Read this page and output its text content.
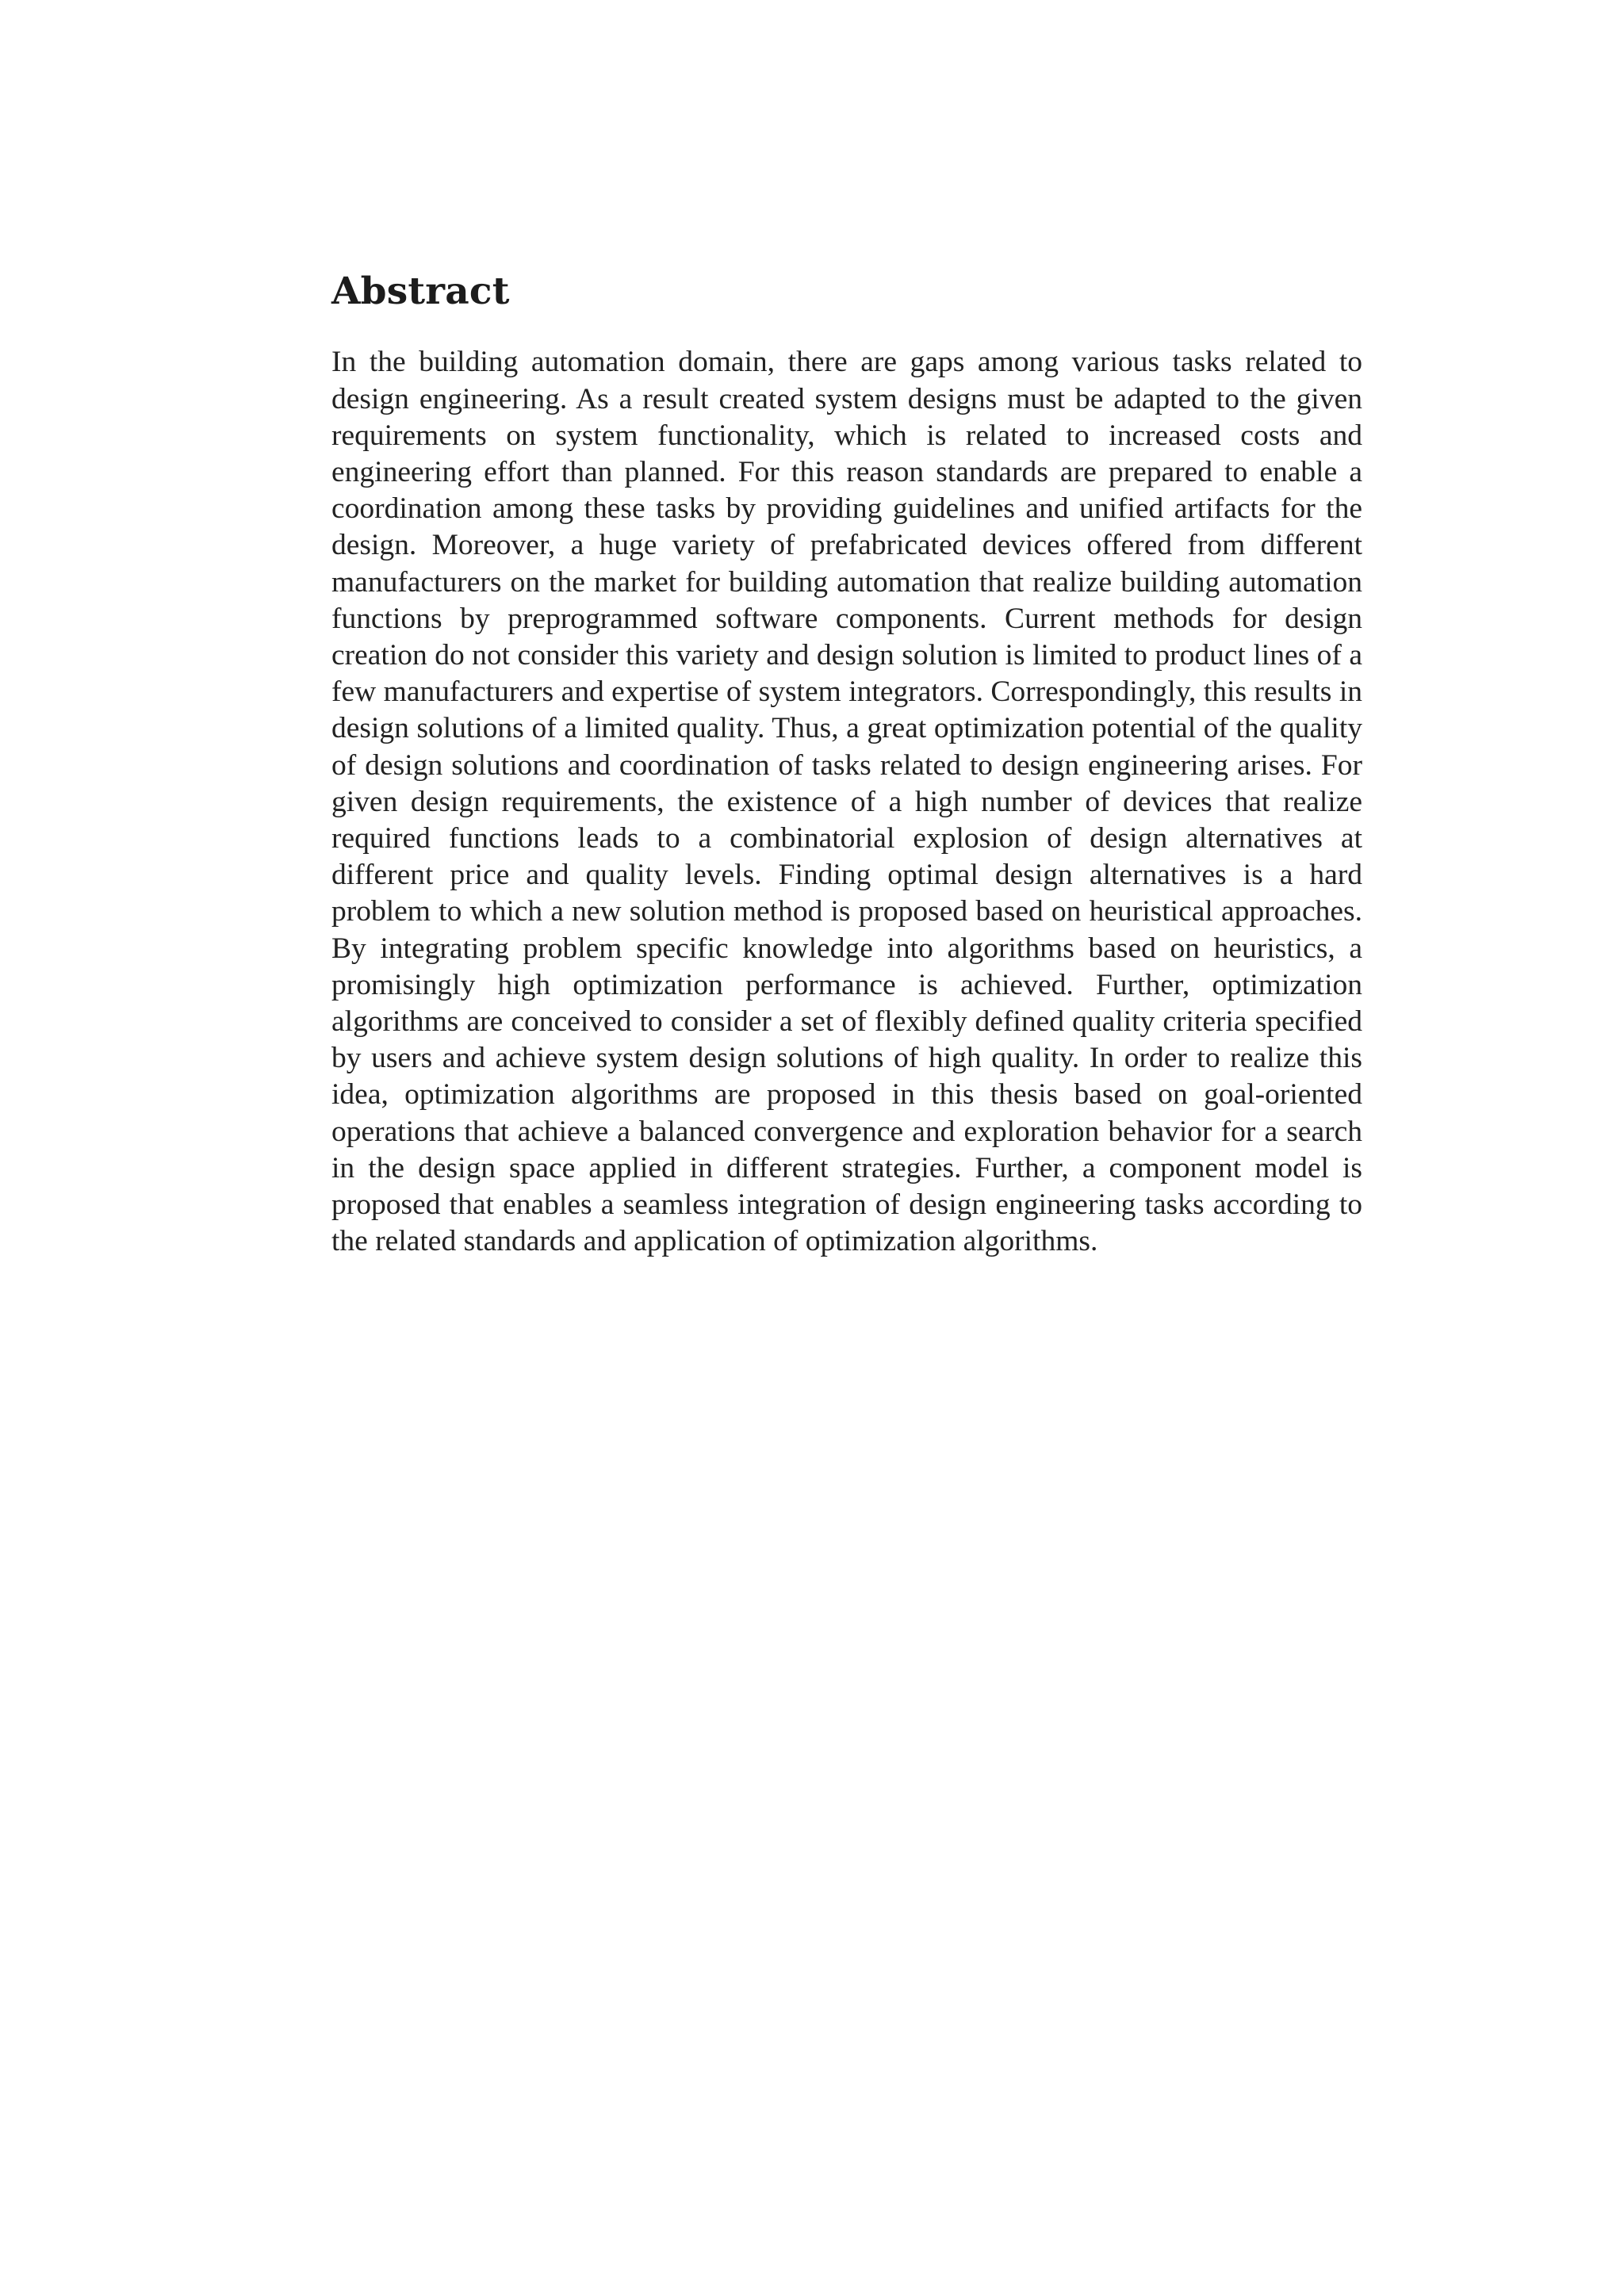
Abstract

In the building automation domain, there are gaps among various tasks related to design engineering. As a result created system designs must be adapted to the given requirements on system functionality, which is related to increased costs and engineering effort than planned. For this reason standards are prepared to enable a coordination among these tasks by providing guidelines and unified artifacts for the design. Moreover, a huge variety of prefabricated devices offered from different manufacturers on the market for building automation that realize building automation functions by preprogrammed software components. Current methods for design creation do not consider this variety and design solution is limited to product lines of a few manufacturers and expertise of system integrators. Correspondingly, this results in design solutions of a limited quality. Thus, a great optimization potential of the quality of design solutions and coordination of tasks related to design engineering arises. For given design requirements, the existence of a high number of devices that realize required functions leads to a combinatorial explosion of design alternatives at different price and quality levels. Finding optimal design alternatives is a hard problem to which a new solution method is proposed based on heuristical approaches. By integrating problem specific knowledge into algorithms based on heuristics, a promisingly high optimization performance is achieved. Further, optimization algorithms are conceived to consider a set of flexibly defined quality criteria specified by users and achieve system design solutions of high quality. In order to realize this idea, optimization algorithms are proposed in this thesis based on goal-oriented operations that achieve a balanced convergence and exploration behavior for a search in the design space applied in different strategies. Further, a component model is proposed that enables a seamless integration of design engineering tasks according to the related standards and application of optimization algorithms.
